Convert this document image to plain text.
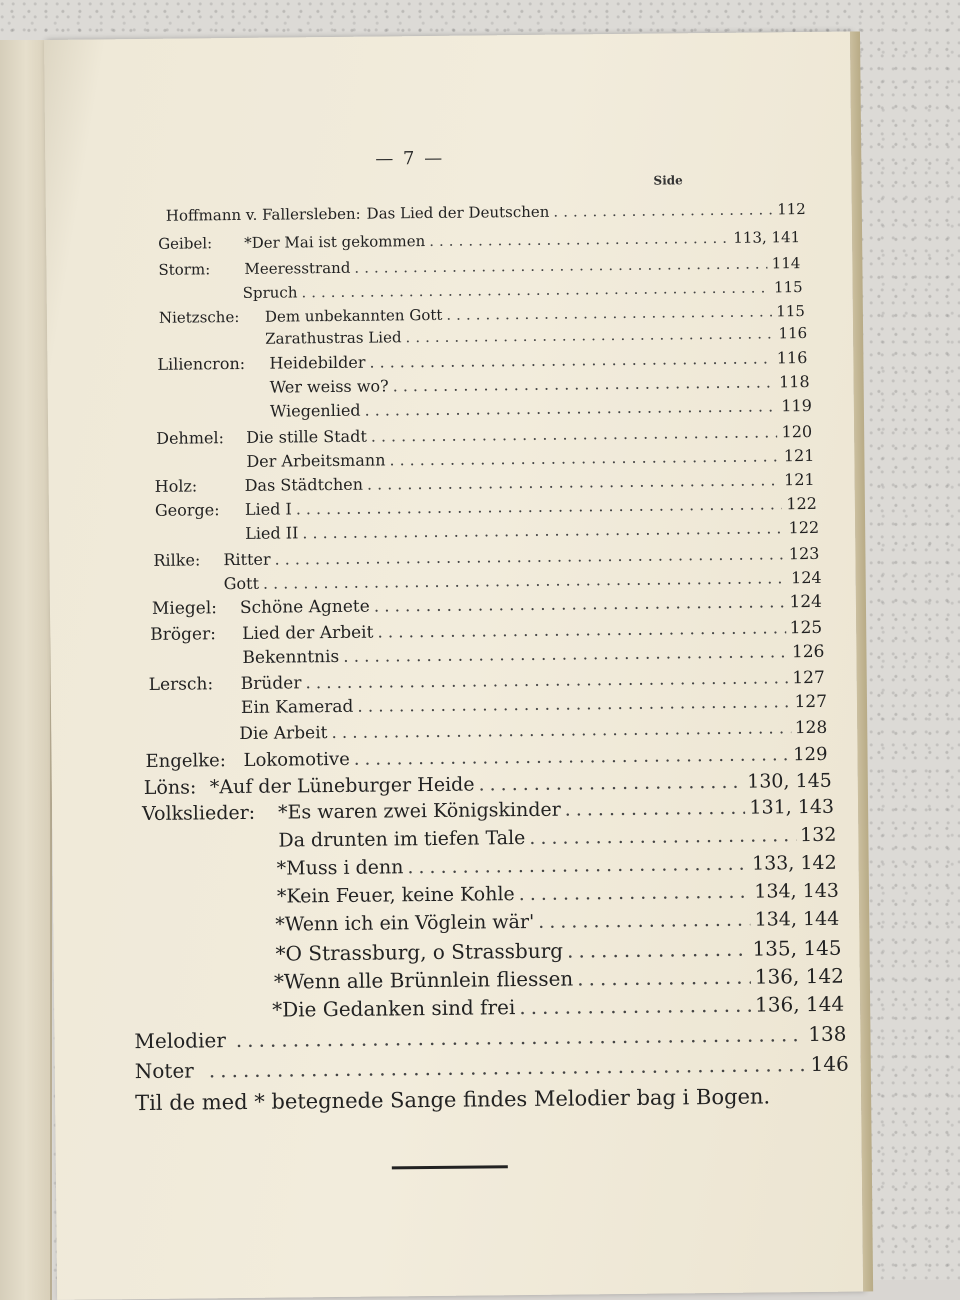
— 7 —
Side
Hoffmann v. Fallersleben: Das Lied der Deutschen .....	112
Geibel:	*Der Mai ist gekommen .....	113, 141
Storm:	Meeresstrand .....	114
Spruch .....	115
Nietzsche:	Dem unbekannten Gott .....	115
Zarathustras Lied .....	116
Liliencron:	Heidebilder .....	116
Wer weiss wo? .....	118
Wiegenlied .....	119
Dehmel:	Die stille Stadt .....	120
Der Arbeitsmann .....	121
Holz:	Das Städtchen .....	121
George:	Lied I .....	122
Lied II .....	122
Rilke:	Ritter .....	123
Gott .....	124
Miegel:	Schöne Agnete .....	124
Bröger:	Lied der Arbeit .....	125
Bekenntnis .....	126
Lersch:	Brüder .....	127
Ein Kamerad .....	127
Die Arbeit .....	128
Engelke: Lokomotive .....	129
Löns: *Auf der Lüneburger Heide .....	130, 145
Volkslieder:	*Es waren zwei Königskinder .....	131, 143
Da drunten im tiefen Tale .....	132
*Muss i denn .....	133, 142
*Kein Feuer, keine Kohle .....	134, 143
*Wenn ich ein Vöglein wär' .....	134, 144
*O Strassburg, o Strassburg .....	135, 145
*Wenn alle Brünnlein fliessen .....	136, 142
*Die Gedanken sind frei .....	136, 144
Melodier .....	138
Noter .....	146
Til de med * betegnede Sange findes Melodier bag i Bogen.
